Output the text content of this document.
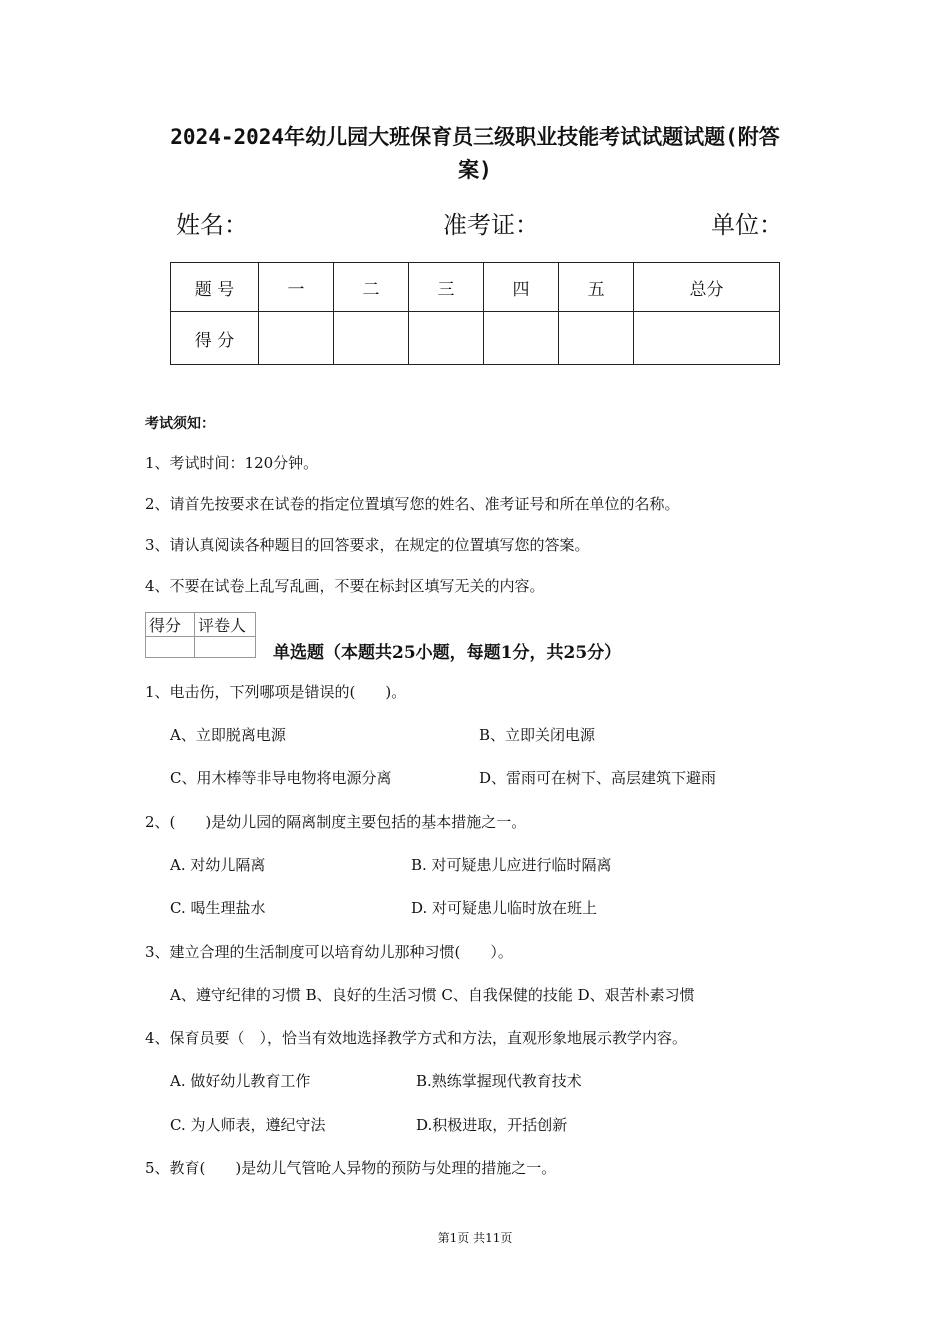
2024-2024年幼儿园大班保育员三级职业技能考试试题试题(附答
案)
姓名：	准考证：	单位：
题 号	一	二	三	四	五	总分
得 分						
考试须知：
1、考试时间：120分钟。
2、请首先按要求在试卷的指定位置填写您的姓名、准考证号和所在单位的名称。
3、请认真阅读各种题目的回答要求，在规定的位置填写您的答案。
4、不要在试卷上乱写乱画，不要在标封区填写无关的内容。
得分	评卷人

单选题（本题共25小题，每题1分，共25分）
1、电击伤，下列哪项是错误的(　　)。
A、立即脱离电源	B、立即关闭电源
C、用木棒等非导电物将电源分离	D、雷雨可在树下、高层建筑下避雨
2、(　　)是幼儿园的隔离制度主要包括的基本措施之一。
A. 对幼儿隔离	B. 对可疑患儿应进行临时隔离
C. 喝生理盐水	D. 对可疑患儿临时放在班上
3、建立合理的生活制度可以培育幼儿那种习惯(　　）。
A、遵守纪律的习惯 B、良好的生活习惯 C、自我保健的技能 D、艰苦朴素习惯
4、保育员要（　），恰当有效地选择教学方式和方法，直观形象地展示教学内容。
A. 做好幼儿教育工作	B.熟练掌握现代教育技术
C. 为人师表，遵纪守法	D.积极进取，开括创新
5、教育(　　)是幼儿气管呛人异物的预防与处理的措施之一。
第1页 共11页
